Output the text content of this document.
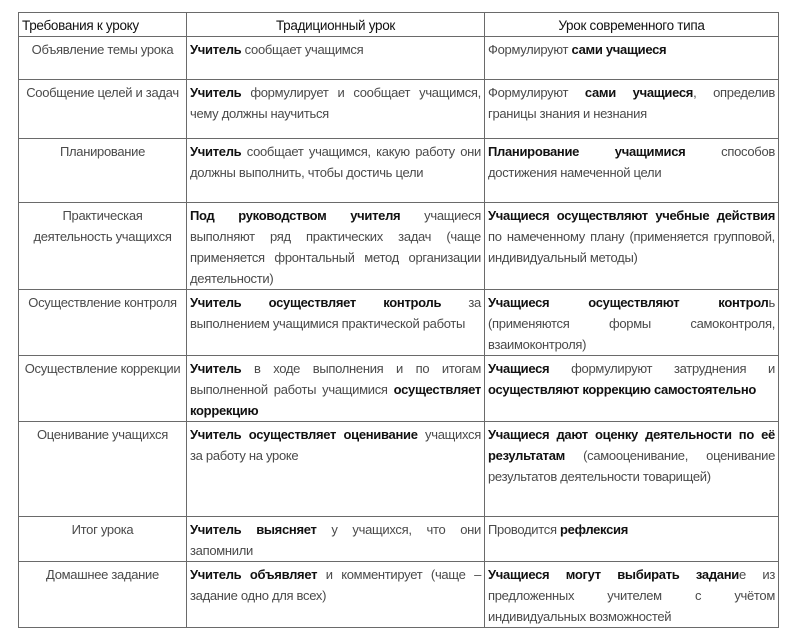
Требования к уроку	Традиционный урок	Урок современного типа
Объявление темы урока	Учитель сообщает учащимся	Формулируют сами учащиеся
Сообщение целей и задач	Учитель формулирует и сообщает учащимся, чему должны научиться	Формулируют сами учащиеся, определив границы знания и незнания
Планирование	Учитель сообщает учащимся, какую работу они должны выполнить, чтобы достичь цели	Планирование учащимися способов достижения намеченной цели
Практическая деятельность учащихся	Под руководством учителя учащиеся выполняют ряд практических задач (чаще применяется фронтальный метод организации деятельности)	Учащиеся осуществляют учебные действия по намеченному плану (применяется групповой, индивидуальный методы)
Осуществление контроля	Учитель осуществляет контроль за выполнением учащимися практической работы	Учащиеся осуществляют контроль (применяются формы самоконтроля, взаимоконтроля)
Осуществление коррекции	Учитель в ходе выполнения и по итогам выполненной работы учащимися осуществляет коррекцию	Учащиеся формулируют затруднения и осуществляют коррекцию самостоятельно
Оценивание учащихся	Учитель осуществляет оценивание учащихся за работу на уроке	Учащиеся дают оценку деятельности по её результатам (самооценивание, оценивание результатов деятельности товарищей)
Итог урока	Учитель выясняет у учащихся, что они запомнили	Проводится рефлексия
Домашнее задание	Учитель объявляет и комментирует (чаще – задание одно для всех)	Учащиеся могут выбирать задание из предложенных учителем с учётом индивидуальных возможностей
